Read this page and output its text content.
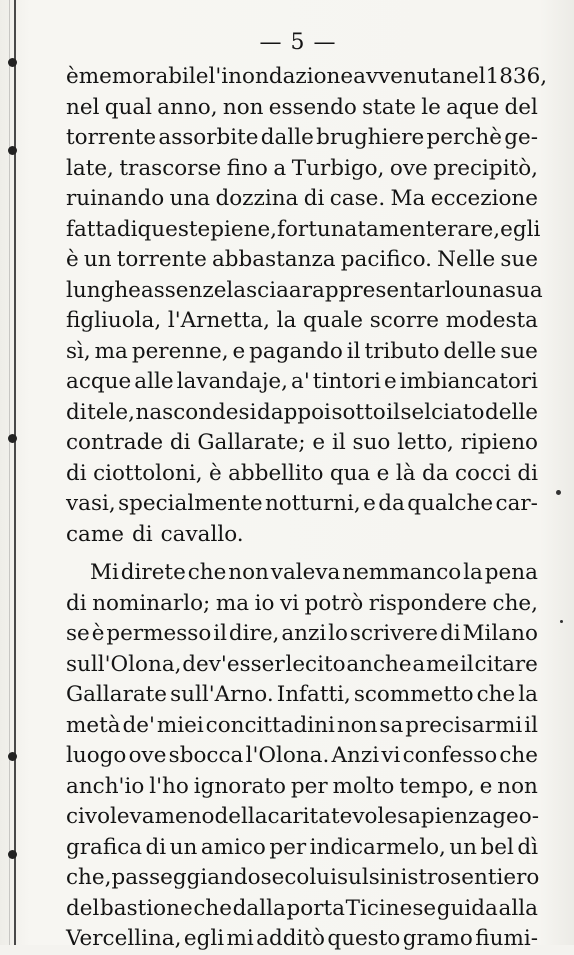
— 5 —
è memorabile l'inondazione avvenuta nel 1836,
nel qual anno, non essendo state le aque del
torrente assorbite dalle brughiere perchè ge-
late, trascorse fino a Turbigo, ove precipitò,
ruinando una dozzina di case. Ma eccezione
fatta di queste piene, fortunatamente rare, egli
è un torrente abbastanza pacifico. Nelle sue
lunghe assenze lascia a rappresentarlo una sua
figliuola, l'Arnetta, la quale scorre modesta
sì, ma perenne, e pagando il tributo delle sue
acque alle lavandaje, a' tintori e imbiancatori
di tele, nascondesi dappoi sotto il selciato delle
contrade di Gallarate; e il suo letto, ripieno
di ciottoloni, è abbellito qua e là da cocci di
vasi, specialmente notturni, e da qualche car-
came di cavallo.
Mi direte che non valeva nemmanco la pena
di nominarlo; ma io vi potrò rispondere che,
se è permesso il dire, anzi lo scrivere di Milano
sull'Olona, dev'esser lecito anche a me il citare
Gallarate sull'Arno. Infatti, scommetto che la
metà de' miei concittadini non sa precisarmi il
luogo ove sbocca l'Olona. Anzi vi confesso che
anch'io l'ho ignorato per molto tempo, e non
ci voleva meno della caritatevole sapienza geo-
grafica di un amico per indicarmelo, un bel dì
che, passeggiando secolui sul sinistro sentiero
del bastione che dalla porta Ticinese guida alla
Vercellina, egli mi additò questo gramo fiumi-
